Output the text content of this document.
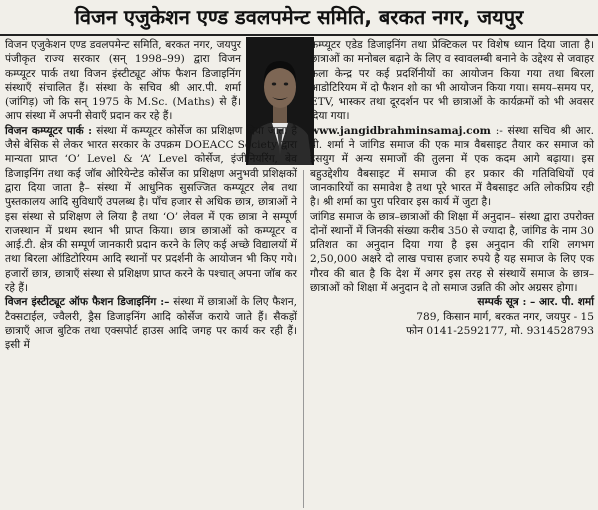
विजन एजुकेशन एण्ड डवलपमेन्ट समिति, बरकत नगर, जयपुर

विजन एजुकेशन एण्ड डवलपमेन्ट समिति, बरकत नगर, जयपुर पंजीकृत राज्य सरकार (सन् 1998–99) द्वारा विजन कम्प्यूटर पार्क तथा विजन इंस्टीट्यूट ऑफ फैशन डिजाइनिंग संस्थाएँ संचालित हैं। संस्था के सचिव श्री आर.पी. शर्मा (जांगिड़) जो कि सन् 1975 के M.Sc. (Maths) से हैं। आप संस्था में अपनी सेवाएँ प्रदान कर रहे हैं।

विजन कम्प्यूटर पार्क : संस्था में कम्प्यूटर कोर्सेज का प्रशिक्षण दिया जाता है जैसे बेसिक से लेकर भारत सरकार के उपक्रम DOEACC Society द्वारा मान्यता प्राप्त ‘O’ Level & ‘A’ Level कोर्सेज, इंजीनियरिंग, बेव डिजाइनिंग तथा कई जॉब ओरियेन्टेड कोर्सेज का प्रशिक्षण अनुभवी प्रशिक्षकों द्वारा दिया जाता है– संस्था में आधुनिक सुसज्जित कम्प्यूटर लेब तथा पुस्तकालय आदि सुविधाएँ उपलब्ध है। पाँच हजार से अधिक छात्र, छात्राओं ने इस संस्था से प्रशिक्षण ले लिया है तथा ‘O’ लेवल में एक छात्रा ने सम्पूर्ण राजस्थान में प्रथम स्थान भी प्राप्त किया। छात्र छात्राओं को कम्प्यूटर व आई.टी. क्षेत्र की सम्पूर्ण जानकारी प्रदान करने के लिए कई अच्छे विद्यालयों में तथा बिरला ऑडिटोरियम आदि स्थानों पर प्रदर्शनी के आयोजन भी किए गये। हजारों छात्र, छात्राएँ संस्था से प्रशिक्षण प्राप्त करने के पश्चात् अपना जॉब कर रहे हैं।

विजन इंस्टीट्यूट ऑफ फैशन डिजाइनिंग :– संस्था में छात्राओं के लिए फैशन, टैक्सटाईल, ज्वैलरी, ड्रैस डिजाइनिंग आदि कोर्सेज कराये जाते हैं। सैकड़ों छात्राएँ आज बुटिक तथा एक्सपोर्ट हाउस आदि जगह पर कार्य कर रही हैं। इसी में

कम्प्यूटर एडेड डिजाइनिंग तथा प्रेक्टिकल पर विशेष ध्यान दिया जाता है। छात्राओं का मनोबल बढ़ाने के लिए व स्वावलम्बी बनाने के उद्देश्य से जवाहर कला केन्द्र पर कई प्रदर्शिनीयों का आयोजन किया गया तथा बिरला आडोटिरियम में दो फैशन शो का भी आयोजन किया गया। समय–समय पर, ETV, भास्कर तथा दूरदर्शन पर भी छात्राओं के कार्यक्रमों को भी अवसर दिया गया।

www.jangidbrahminsamaj.com :- संस्था सचिव श्री आर. पी. शर्मा ने जांगिड समाज की एक मात्र वैबसाइट तैयार कर समाज को इसयुग में अन्य समाजों की तुलना में एक कदम आगे बढ़ाया। इस बहुउद्देशीय वैबसाइट में समाज की हर प्रकार की गतिविधियों एवं जानकारियों का समावेश है तथा पूरे भारत में वैबसाइट अति लोकप्रिय रही है। श्री शर्मा का पुरा परिवार इस कार्य में जुटा है।

जांगिड समाज के छात्र–छात्राओं की शिक्षा में अनुदान– संस्था द्वारा उपरोक्त दोनों स्थानों में जिनकी संख्या करीब 350 से ज्यादा है, जांगिड के नाम 30 प्रतिशत का अनुदान दिया गया है इस अनुदान की राशि लगभग 2,50,000 अक्षरे दो लाख पचास हजार रुपये है यह समाज के लिए एक गौरव की बात है कि देश में अगर इस तरह से संस्थायें समाज के छात्र–छात्राओं को शिक्षा में अनुदान दे तो समाज उन्नति की ओर अग्रसर होगा।

सम्पर्क सूत्र : – आर. पी. शर्मा

789, किसान मार्ग, बरकत नगर, जयपुर - 15

फोन 0141-2592177, मो. 9314528793
